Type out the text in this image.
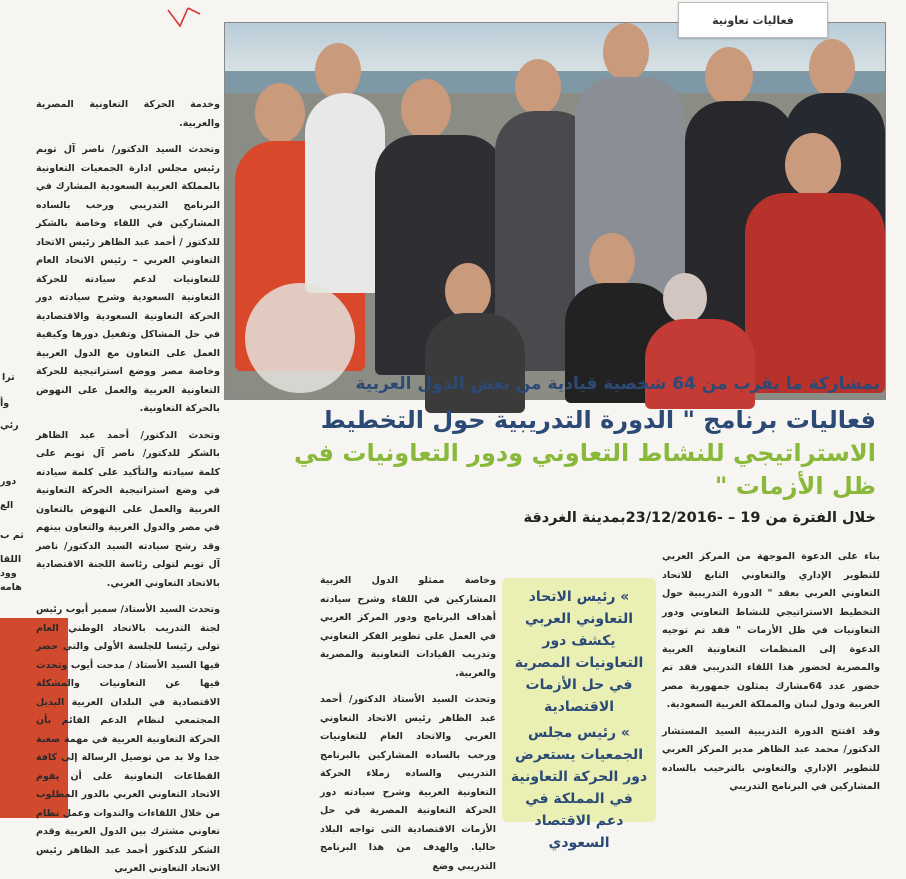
ترا
وأ
رئي
ثم ب
اللقا
وود
هامه
دور
الع

وخدمة الحركة التعاونية المصرية والعربية.

وتحدث السيد الدكتور/ ناصر آل تويم رئيس مجلس ادارة الجمعيات التعاونية بالمملكة العربية السعودية المشارك في البرنامج التدريبي ورحب بالساده المشاركين في اللقاء وخاصة بالشكر للدكتور / أحمد عبد الظاهر رئيس الاتحاد التعاوني العربي – رئيس الاتحاد العام للتعاونيات لدعم سيادته للحركة التعاونية السعودية وشرح سيادته دور الحركة التعاونية السعودية والاقتصادية في حل المشاكل وتفعيل دورها وكيفية العمل على التعاون مع الدول العربية وخاصة مصر ووضع استراتيجية للحركة التعاونية العربية والعمل على النهوض بالحركة التعاونية.

وتحدث الدكتور/ أحمد عبد الظاهر بالشكر للدكتور/ ناصر آل تويم على كلمة سيادته والتأكيد على كلمة سيادته في وضع استراتيجية الحركة التعاونية العربية والعمل على النهوض بالتعاون في مصر والدول العربية والتعاون بينهم وقد رشح سيادته السيد الدكتور/ ناصر آل تويم لتولى رئاسة اللجنة الاقتصادية بالاتحاد التعاوني العربي.

وتحدث السيد الأستاذ/ سمير أيوب رئيس لجنة التدريب بالاتحاد الوطني العام تولى رئيسا للجلسة الأولى والتي حضر فيها السيد الأستاذ / مدحت أيوب وتحدث فيها عن التعاونيات والمشكلة الاقتصادية في البلدان العربية البديل المجتمعي لنظام الدعم القائم بأن الحركة التعاونية العربية في مهمة صعبة جدا ولا بد من توصيل الرسالة إلى كافة القطاعات التعاونية على أن يقوم الاتحاد التعاوني العربي بالدور المطلوب من خلال اللقاءات والندوات وعمل نظام تعاوني مشترك بين الدول العربية وقدم الشكر للدكتور أحمد عبد الظاهر رئيس الاتحاد التعاوني العربي

فعاليات تعاونية
بمشاركة ما يقرب من 64 شخصية قيادية من بعض الدول العربية
فعاليات برنامج " الدورة التدريبية حول التخطيط
الاستراتيجي للنشاط التعاوني ودور التعاونيات في
ظل الأزمات "
خلال الفترة من 19 – -23/12/2016بمدينة الغردقة

وخاصة ممثلو الدول العربية المشاركين في اللقاء وشرح سيادته أهداف البرنامج ودور المركز العربي في العمل على تطوير الفكر التعاوني وتدريب القيادات التعاونية والمصرية والعربية.

وتحدث السيد الأستاذ الدكتور/ أحمد عبد الظاهر رئيس الاتحاد التعاوني العربي والاتحاد العام للتعاونيات ورحب بالساده المشاركين بالبرنامج التدريبي والساده زملاء الحركة التعاونية العربية وشرح سيادته دور الحركة التعاونية المصرية في حل الأزمات الاقتصادية التى تواجه البلاد حاليا. والهدف من هذا البرنامج التدريبي وضع

» رئيس الاتحاد التعاوني العربي يكشف دور التعاونيات المصرية في حل الأزمات الاقتصادية
» رئيس مجلس الجمعيات يستعرض دور الحركة التعاونية في المملكة في دعم الاقتصاد السعودي

بناء على الدعوة الموجهة من المركز العربي للتطوير الإداري والتعاوني التابع للاتحاد التعاوني العربي بعقد " الدورة التدريبية حول التخطيط الاستراتيجي للنشاط التعاوني ودور التعاونيات في ظل الأزمات " فقد تم توجيه الدعوة إلى المنظمات التعاونية العربية والمصرية لحضور هذا اللقاء التدريبي فقد تم حضور عدد 64مشارك يمثلون جمهورية مصر العربية ودول لبنان والمملكة العربية السعودية.

وقد افتتح الدورة التدريبية السيد المستشار الدكتور/ محمد عبد الظاهر مدير المركز العربي للتطوير الإداري والتعاوني بالترحيب بالساده المشاركين في البرنامج التدريبي
